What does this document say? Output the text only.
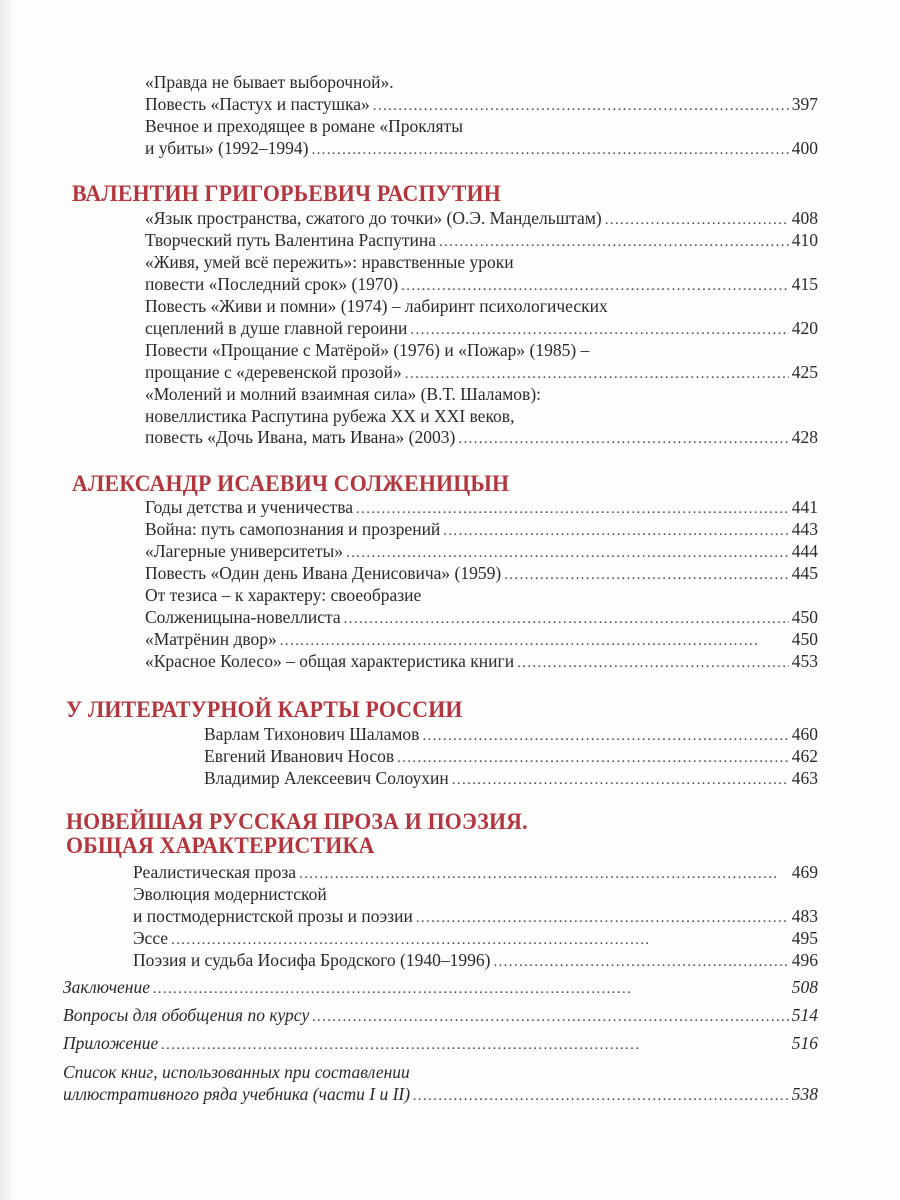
«Правда не бывает выборочной».
Повесть «Пастух и пастушка» . . .	397
Вечное и преходящее в романе «Прокляты
и убиты» (1992–1994) . . .	400
ВАЛЕНТИН ГРИГОРЬЕВИЧ РАСПУТИН
«Язык пространства, сжатого до точки» (О.Э. Мандельштам) . . .	408
Творческий путь Валентина Распутина . . .	410
«Живя, умей всё пережить»: нравственные уроки
повести «Последний срок» (1970) . . .	415
Повесть «Живи и помни» (1974) – лабиринт психологических
сцеплений в душе главной героини . . .	420
Повести «Прощание с Матёрой» (1976) и «Пожар» (1985) –
прощание с «деревенской прозой» . . .	425
«Молений и молний взаимная сила» (В.Т. Шаламов):
новеллистика Распутина рубежа XX и XXI веков,
повесть «Дочь Ивана, мать Ивана» (2003) . . .	428
АЛЕКСАНДР ИСАЕВИЧ СОЛЖЕНИЦЫН
Годы детства и ученичества . . .	441
Война: путь самопознания и прозрений . . .	443
«Лагерные университеты» . . .	444
Повесть «Один день Ивана Денисовича» (1959) . . .	445
От тезиса – к характеру: своеобразие
Солженицына-новеллиста . . .	450
«Матрёнин двор» . . .	450
«Красное Колесо» – общая характеристика книги . . .	453
У ЛИТЕРАТУРНОЙ КАРТЫ РОССИИ
Варлам Тихонович Шаламов . . .	460
Евгений Иванович Носов . . .	462
Владимир Алексеевич Солоухин . . .	463
НОВЕЙШАЯ РУССКАЯ ПРОЗА И ПОЭЗИЯ.
ОБЩАЯ ХАРАКТЕРИСТИКА
Реалистическая проза . . .	469
Эволюция модернистской
и постмодернистской прозы и поэзии . . .	483
Эссе . . .	495
Поэзия и судьба Иосифа Бродского (1940–1996) . . .	496
Заключение . . .	508
Вопросы для обобщения по курсу . . .	514
Приложение . . .	516
Список книг, использованных при составлении
иллюстративного ряда учебника (части I и II) . . .	538
